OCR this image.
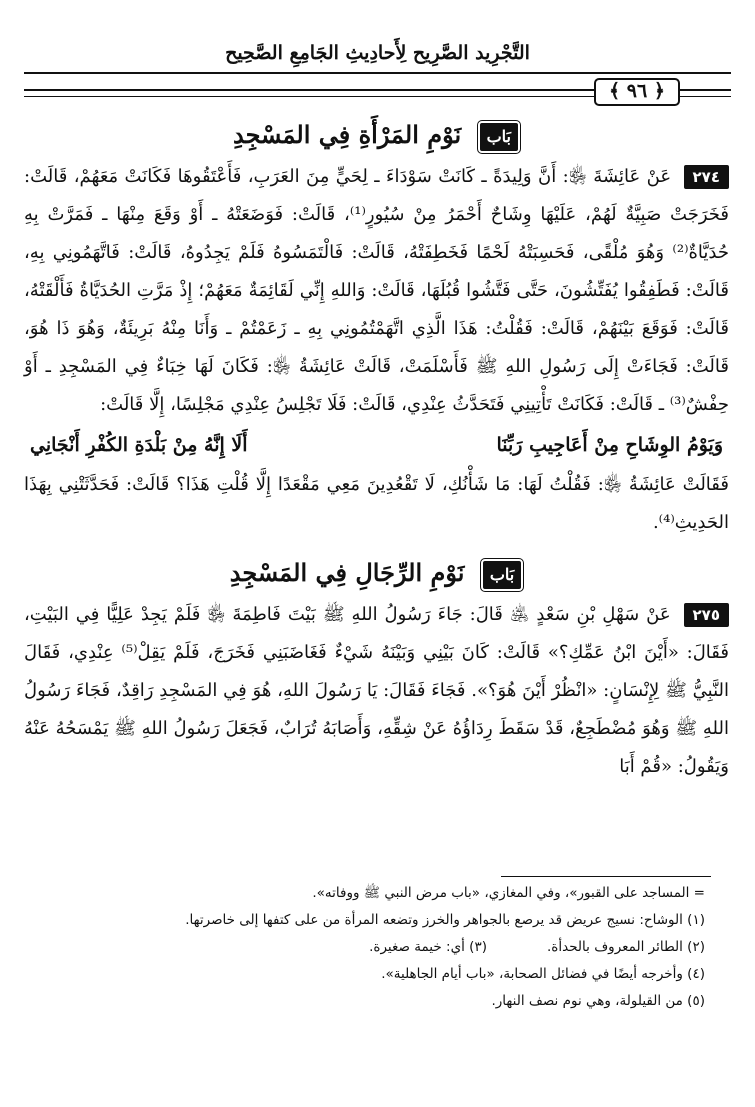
التَّجْرِيد الصَّرِيح لِأَحادِيثِ الجَامِعِ الصَّحِيح
﴿ ٩٦ ﴾
بَاب نَوْمِ المَرْأَةِ فِي المَسْجِدِ

٢٧٤ عَنْ عَائِشَةَ ﵂: أَنَّ وَلِيدَةً ـ كَانَتْ سَوْدَاءَ ـ لِحَيٍّ مِنَ العَرَبِ، فَأَعْتَقُوهَا فَكَانَتْ مَعَهُمْ، قَالَتْ: فَخَرَجَتْ صَبِيَّةٌ لَهُمْ، عَلَيْهَا وِشَاحٌ أَحْمَرُ مِنْ سُيُورٍ⁽¹⁾، قَالَتْ: فَوَضَعَتْهُ ـ أَوْ وَقَعَ مِنْهَا ـ فَمَرَّتْ بِهِ حُدَيَّاةٌ⁽²⁾ وَهُوَ مُلْقًى، فَحَسِبَتْهُ لَحْمًا فَخَطِفَتْهُ، قَالَتْ: فَالْتَمَسُوهُ فَلَمْ يَجِدُوهُ، قَالَتْ: فَاتَّهَمُونِي بِهِ، قَالَتْ: فَطَفِقُوا يُفَتِّشُونَ، حَتَّى فَتَّشُوا قُبُلَهَا، قَالَتْ: وَاللهِ إِنِّي لَقَائِمَةٌ مَعَهُمْ؛ إِذْ مَرَّتِ الحُدَيَّاةُ فَأَلْقَتْهُ، قَالَتْ: فَوَقَعَ بَيْنَهُمْ، قَالَتْ: فَقُلْتُ: هَذَا الَّذِي اتَّهَمْتُمُونِي بِهِ ـ زَعَمْتُمْ ـ وَأَنَا مِنْهُ بَرِيئَةٌ، وَهُوَ ذَا هُوَ، قَالَتْ: فَجَاءَتْ إِلَى رَسُولِ اللهِ ﷺ فَأَسْلَمَتْ، قَالَتْ عَائِشَةُ ﵂: فَكَانَ لَهَا خِبَاءٌ فِي المَسْجِدِ ـ أَوْ حِفْشٌ⁽³⁾ ـ قَالَتْ: فَكَانَتْ تَأْتِينِي فَتَحَدَّثُ عِنْدِي، قَالَتْ: فَلَا تَجْلِسُ عِنْدِي مَجْلِسًا، إِلَّا قَالَتْ:

وَيَوْمُ الوِشَاحِ مِنْ أَعَاجِيبِ رَبِّنَا
أَلَا إِنَّهُ مِنْ بَلْدَةِ الكُفْرِ أَنْجَانِي

فَقَالَتْ عَائِشَةُ ﵂: فَقُلْتُ لَهَا: مَا شَأْنُكِ، لَا تَقْعُدِينَ مَعِي مَقْعَدًا إِلَّا قُلْتِ هَذَا؟ قَالَتْ: فَحَدَّثَتْنِي بِهَذَا الحَدِيثِ⁽⁴⁾.

بَاب نَوْمِ الرِّجَالِ فِي المَسْجِدِ

٢٧٥ عَنْ سَهْلِ بْنِ سَعْدٍ ﵁ قَالَ: جَاءَ رَسُولُ اللهِ ﷺ بَيْتَ فَاطِمَةَ ﵂ فَلَمْ يَجِدْ عَلِيًّا فِي البَيْتِ، فَقَالَ: «أَيْنَ ابْنُ عَمِّكِ؟» قَالَتْ: كَانَ بَيْنِي وَبَيْنَهُ شَيْءٌ فَغَاضَبَنِي فَخَرَجَ، فَلَمْ يَقِلْ⁽⁵⁾ عِنْدِي، فَقَالَ النَّبِيُّ ﷺ لِإِنْسَانٍ: «انْظُرْ أَيْنَ هُوَ؟». فَجَاءَ فَقَالَ: يَا رَسُولَ اللهِ، هُوَ فِي المَسْجِدِ رَاقِدٌ، فَجَاءَ رَسُولُ اللهِ ﷺ وَهُوَ مُضْطَجِعٌ، قَدْ سَقَطَ رِدَاؤُهُ عَنْ شِقِّهِ، وَأَصَابَهُ تُرَابٌ، فَجَعَلَ رَسُولُ اللهِ ﷺ يَمْسَحُهُ عَنْهُ وَيَقُولُ: «قُمْ أَبَا

= المساجد على القبور»، وفي المغازي، «باب مرض النبي ﷺ ووفاته».
(١) الوشاح: نسيج عريض قد يرصع بالجواهر والخرز وتضعه المرأة من على كتفها إلى خاصرتها.
(٢) الطائر المعروف بالحدأة.
(٣) أي: خيمة صغيرة.
(٤) وأخرجه أيضًا في فضائل الصحابة، «باب أيام الجاهلية».
(٥) من القيلولة، وهي نوم نصف النهار.
